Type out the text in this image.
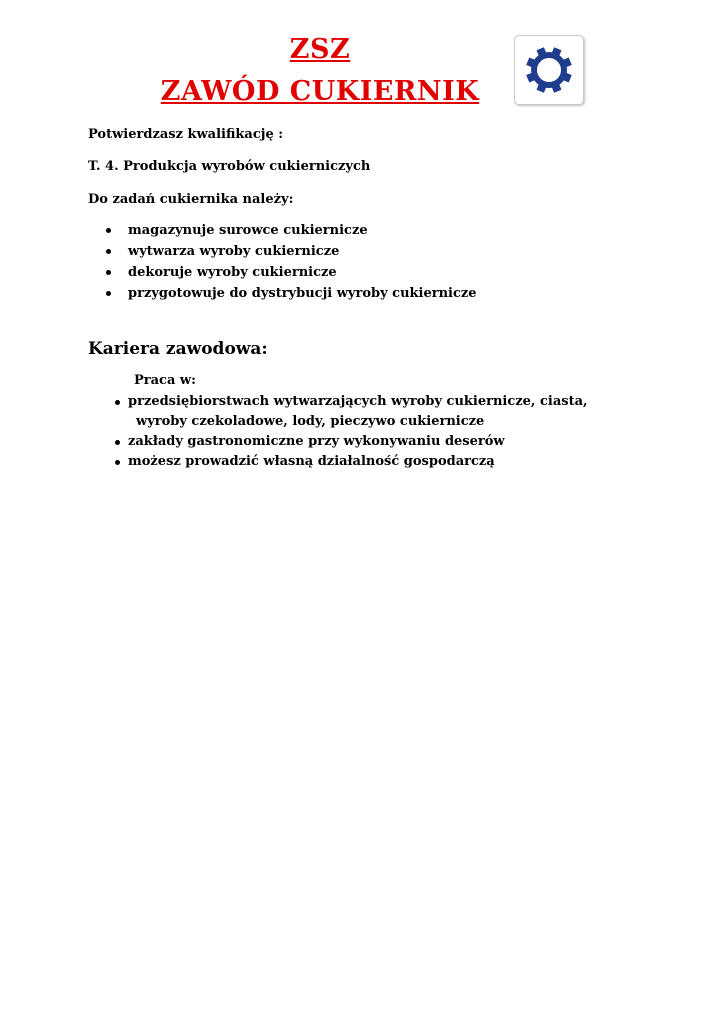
ZSZ
ZAWÓD CUKIERNIK
Potwierdzasz kwalifikację :
T. 4. Produkcja wyrobów cukierniczych
Do zadań cukiernika należy:
magazynuje surowce cukiernicze
wytwarza wyroby cukiernicze
dekoruje wyroby cukiernicze
przygotowuje do dystrybucji wyroby cukiernicze
Kariera zawodowa:
Praca w:
przedsiębiorstwach wytwarzających wyroby cukiernicze, ciasta,
wyroby czekoladowe, lody, pieczywo cukiernicze
zakłady gastronomiczne przy wykonywaniu deserów
możesz prowadzić własną działalność gospodarczą
